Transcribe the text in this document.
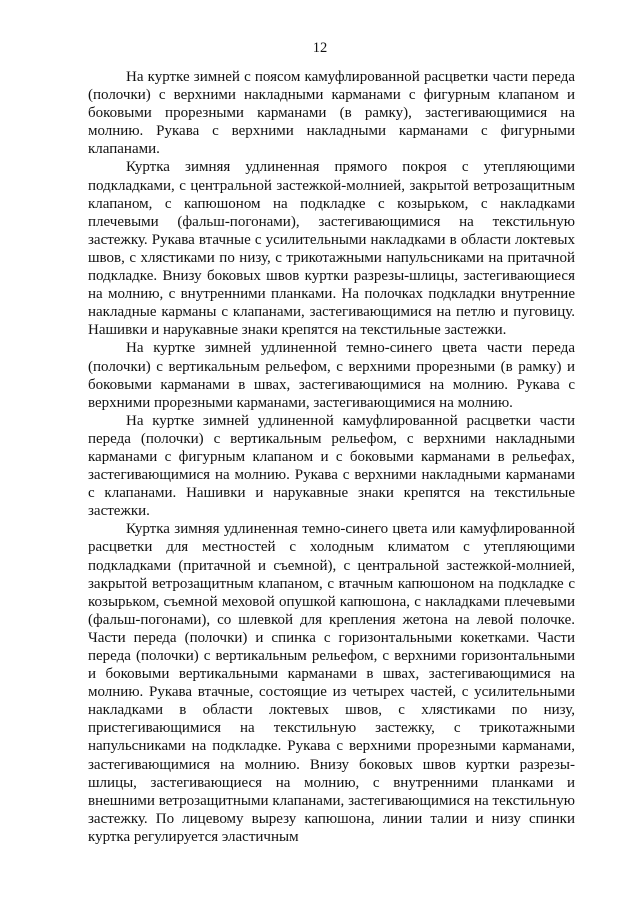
12

На куртке зимней с поясом камуфлированной расцветки части переда (полочки) с верхними накладными карманами с фигурным клапаном и боковыми прорезными карманами (в рамку), застегивающимися на молнию. Рукава с верхними накладными карманами с фигурными клапанами.

Куртка зимняя удлиненная прямого покроя с утепляющими подкладками, с центральной застежкой-молнией, закрытой ветрозащитным клапаном, с капюшоном на подкладке с козырьком, с накладками плечевыми (фальш-погонами), застегивающимися на текстильную застежку. Рукава втачные с усилительными накладками в области локтевых швов, с хлястиками по низу, с трикотажными напульсниками на притачной подкладке. Внизу боковых швов куртки разрезы-шлицы, застегивающиеся на молнию, с внутренними планками. На полочках подкладки внутренние накладные карманы с клапанами, застегивающимися на петлю и пуговицу. Нашивки и нарукавные знаки крепятся на текстильные застежки.

На куртке зимней удлиненной темно-синего цвета части переда (полочки) с вертикальным рельефом, с верхними прорезными (в рамку) и боковыми карманами в швах, застегивающимися на молнию. Рукава с верхними прорезными карманами, застегивающимися на молнию.

На куртке зимней удлиненной камуфлированной расцветки части переда (полочки) с вертикальным рельефом, с верхними накладными карманами с фигурным клапаном и с боковыми карманами в рельефах, застегивающимися на молнию. Рукава с верхними накладными карманами с клапанами. Нашивки и нарукавные знаки крепятся на текстильные застежки.

Куртка зимняя удлиненная темно-синего цвета или камуфлированной расцветки для местностей с холодным климатом с утепляющими подкладками (притачной и съемной), с центральной застежкой-молнией, закрытой ветрозащитным клапаном, с втачным капюшоном на подкладке с козырьком, съемной меховой опушкой капюшона, с накладками плечевыми (фальш-погонами), со шлевкой для крепления жетона на левой полочке. Части переда (полочки) и спинка с горизонтальными кокетками. Части переда (полочки) с вертикальным рельефом, с верхними горизонтальными и боковыми вертикальными карманами в швах, застегивающимися на молнию. Рукава втачные, состоящие из четырех частей, с усилительными накладками в области локтевых швов, с хлястиками по низу, пристегивающимися на текстильную застежку, с трикотажными напульсниками на подкладке. Рукава с верхними прорезными карманами, застегивающимися на молнию. Внизу боковых швов куртки разрезы-шлицы, застегивающиеся на молнию, с внутренними планками и внешними ветрозащитными клапанами, застегивающимися на текстильную застежку. По лицевому вырезу капюшона, линии талии и низу спинки куртка регулируется эластичным
